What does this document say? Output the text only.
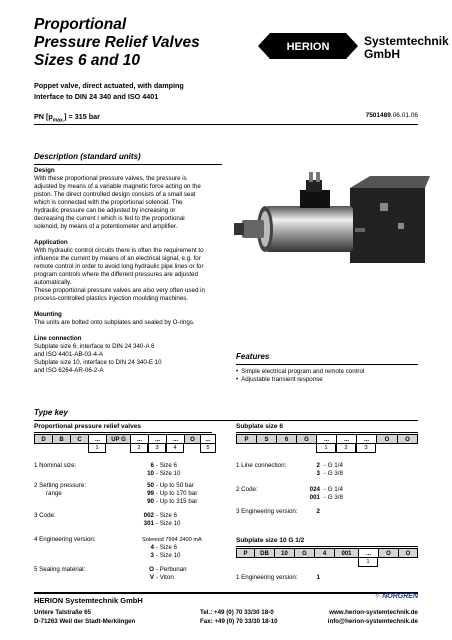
Proportional
Pressure Relief Valves
Sizes 6 and 10
Poppet valve, direct actuated, with damping
Interface to DIN 24 340 and ISO 4401
PN $[p_{max.}] = 315$ bar	7501489.06.01.06
HERION	Systemtechnik
GmbH
Description (standard units)
Design
With these proportional pressure valves, the pressure is adjusted by means of a variable magnetic force acting on the piston. The direct controlled design consists of a small seat which is connected with the proportional solenoid. The hydraulic pressure can be adjusted by increasing or decreasing the current I which is fed to the proportional solenoid, by means of a potentiometer and amplifier.
Application
With hydraulic control circuits there is often the requirement to influence the current by means of an electrical signal, e.g. for remote control in order to avoid long hydraulic pipe lines or for program controls where the different pressures are adjusted automatically.
These proportional pressure valves are also very often used in process-controlled plastics injection moulding machines.
Mounting
The units are bolted onto subplates and sealed by O-rings.
Line connection
Subplate size 6, interface to DIN 24 340-A 6
and ISO 4401-AB-03-4-A
Subplate size 10, interface to DIN 24 340-E 10
and ISO 6264-AR-06-2-A
Features
• Simple electrical program and remote control
• Adjustable transient response
Type key
Proportional pressure relief valves
D	B	C	...	UP G	...	...	...	O	...
1	2	3	4	5
1 Nominal size:	6 - Size 6
10 - Size 10
2 Setting pressure:
range
50 - Up to 50 bar
99 - Up to 170 bar
90 - Up to 315 bar
3 Code:	002 - Size 6
301 - Size 10
4 Engineering version:	Solenoid 7994 2400 mA
4 - Size 6
3 - Size 10
5 Sealing material:	O - Perbunan
V - Viton
Subplate size 6
P	S	6	G	...	...	...	O	O
1	2	3
1 Line connection:	2 - G 1/4
3 - G 3/8
2 Code:	024 - G 1/4
001 - G 3/8
3 Engineering version:	2
Subplate size 10 G 1/2
P	DB	10	G	4	001	...	O	O
1
1 Engineering version:	1
✧ NORGREN
HERION Systemtechnik GmbH
Untere Talstraße 65
D-71263 Weil der Stadt-Merklingen
Tel.: +49 (0) 70 33/30 18-0
Fax: +49 (0) 70 33/30 18-10
www.herion-systemtechnik.de
info@herion-systemtechnik.de
